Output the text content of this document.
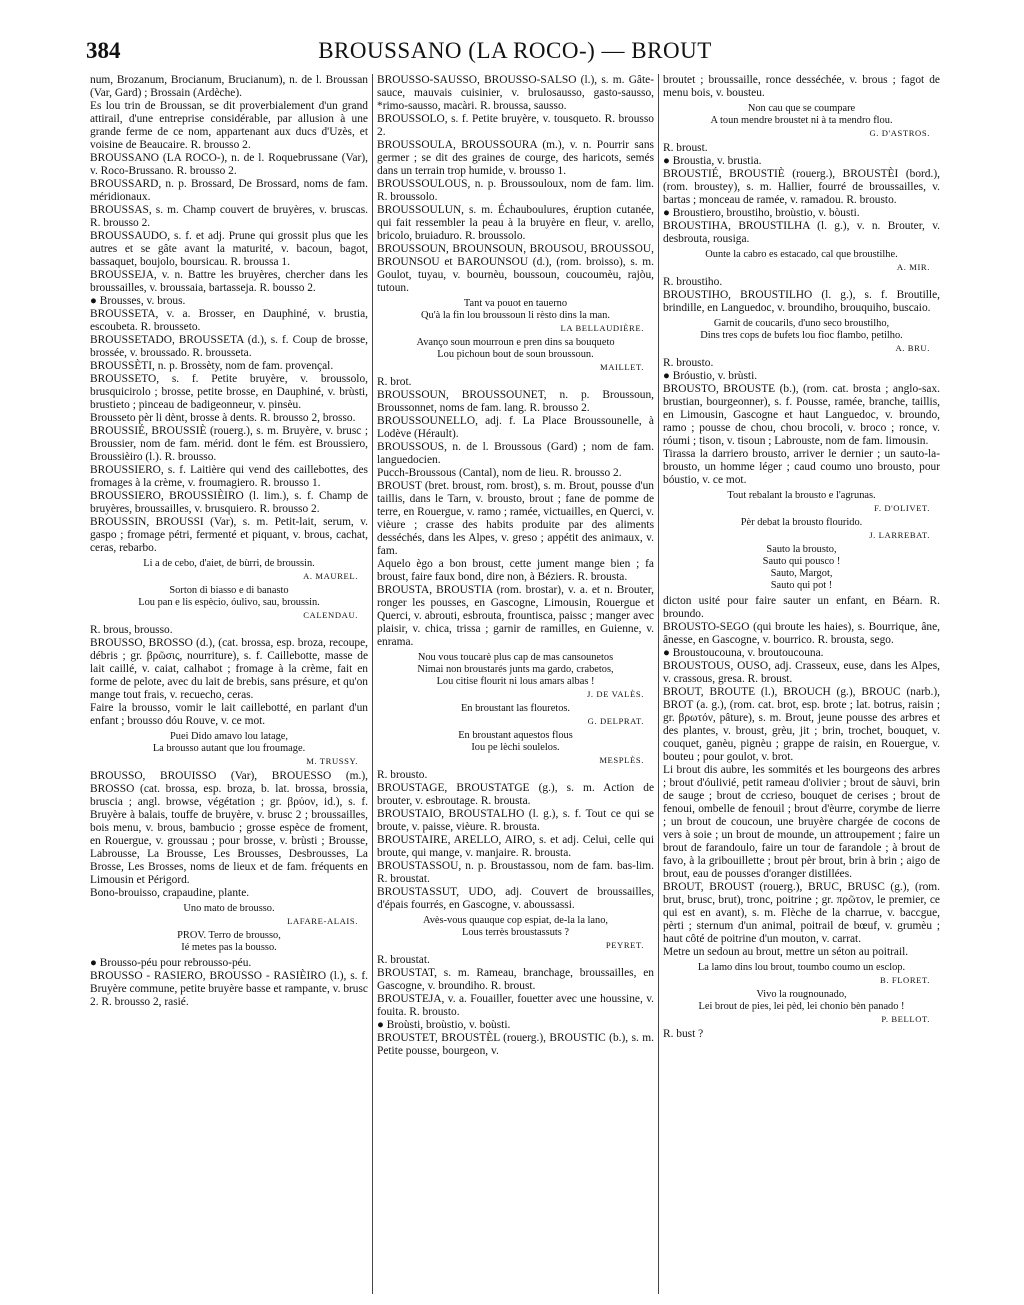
384	BROUSSANO (LA ROCO-) — BROUT

num, Brozanum, Brocianum, Brucianum), n. de l. Broussan (Var, Gard) ; Brossain (Ardèche).

Es lou trin de Broussan, se dit proverbialement d'un grand attirail, d'une entreprise considérable, par allusion à une grande ferme de ce nom, appartenant aux ducs d'Uzès, et voisine de Beaucaire. R. brousso 2.

BROUSSANO (LA ROCO-), n. de l. Roquebrussane (Var), v. Roco-Brussano. R. brousso 2.

BROUSSARD, n. p. Brossard, De Brossard, noms de fam. méridionaux.

BROUSSAS, s. m. Champ couvert de bruyères, v. bruscas. R. brousso 2.

BROUSSAUDO, s. f. et adj. Prune qui grossit plus que les autres et se gâte avant la maturité, v. bacoun, bagot, bassaquet, boujolo, boursicau. R. broussa 1.

BROUSSEJA, v. n. Battre les bruyères, chercher dans les broussailles, v. broussaia, bartasseja. R. bousso 2.

● Brousses, v. brous.

BROUSSETA, v. a. Brosser, en Dauphiné, v. brustia, escoubeta. R. broussetо.

BROUSSETADO, BROUSSETA (d.), s. f. Coup de brosse, brossée, v. broussado. R. brousseta.

BROUSSÈTI, n. p. Brossèty, nom de fam. provençal.

BROUSSETO, s. f. Petite bruyère, v. broussolo, brusquicirolo ; brosse, petite brosse, en Dauphiné, v. brùsti, brustieto ; pinceau de badigeonneur, v. pinsèu.

Broussetо pèr li dènt, brosse à dents. R. brousso 2, brosso.

BROUSSIÉ, BROUSSIÈ (rouerg.), s. m. Bruyère, v. brusc ; Broussier, nom de fam. mérid. dont le fém. est Broussiero, Broussièiro (l.). R. brousso.

BROUSSIERO, s. f. Laitière qui vend des caillebottes, des fromages à la crème, v. froumagiero. R. brousso 1.

BROUSSIERO, BROUSSIÈIRO (l. lim.), s. f. Champ de bruyères, broussailles, v. brusquiero. R. brousso 2.

BROUSSIN, BROUSSI (Var), s. m. Petit-lait, serum, v. gaspo ; fromage pétri, fermenté et piquant, v. brous, cachat, ceras, rebarbo.

Li a de cebo, d'aiet, de bùrri, de broussin.
A. MAUREL.
Sorton di biasso e di banasto
Lou pan e lis espècio, óulivo, sau, broussin.
CALENDAU.

R. brous, brousso.

BROUSSO, BROSSO (d.), (cat. brossa, esp. broza, recoupe, débris ; gr. βρῶσις, nourriture), s. f. Caillebotte, masse de lait caillé, v. caiat, calhabot ; fromage à la crème, fait en forme de pelote, avec du lait de brebis, sans présure, et qu'on mange tout frais, v. recuecho, ceras.

Faire la brousso, vomir le lait caillebotté, en parlant d'un enfant ; brousso dóu Rouve, v. ce mot.

Puei Dido amavo lou latage,
La brousso autant que lou froumage.
M. TRUSSY.

BROUSSO, BROUISSO (Var), BROUESSO (m.), BROSSO (cat. brossa, esp. broza, b. lat. brossa, brossia, bruscia ; angl. browse, végétation ; gr. βρύον, id.), s. f. Bruyère à balais, touffe de bruyère, v. brusc 2 ; broussailles, bois menu, v. brous, bambucio ; grosse espèce de froment, en Rouergue, v. groussau ; pour brosse, v. brùsti ; Brousse, Labrousse, La Brousse, Les Brousses, Desbrousses, La Brosse, Les Brosses, noms de lieux et de fam. fréquents en Limousin et Périgord.

Bono-brouisso, crapaudine, plante.

Uno mato de brousso.
LAFARE-ALAIS.
PROV. Terro de brousso,
Ié metes pas la bousso.

● Brousso-péu pour rebrousso-péu.

BROUSSO - RASIERO, BROUSSO - RASIÈIRO (l.), s. f. Bruyère commune, petite bruyère basse et rampante, v. brusc 2. R. brousso 2, rasié.

BROUSSO-SAUSSO, BROUSSO-SALSO (l.), s. m. Gâte-sauce, mauvais cuisinier, v. brulosausso, gasto-sausso, *rimo-sausso, macàri. R. broussa, sausso.

BROUSSOLO, s. f. Petite bruyère, v. tousqueto. R. brousso 2.

BROUSSOULA, BROUSSOURA (m.), v. n. Pourrir sans germer ; se dit des graines de courge, des haricots, semés dans un terrain trop humide, v. brousso 1.

BROUSSOULOUS, n. p. Broussouloux, nom de fam. lim. R. broussolo.

BROUSSOULUN, s. m. Échauboulures, éruption cutanée, qui fait ressembler la peau à la bruyère en fleur, v. arello, bricolo, bruiaduro. R. broussolo.

BROUSSOUN, BROUNSOUN, BROUSOU, BROUSSOU, BROUNSOU et BAROUNSOU (d.), (rom. broisso), s. m. Goulot, tuyau, v. bournèu, boussoun, coucoumèu, rajòu, tutoun.

Tant va pouot en tauerno
Qu'à la fin lou broussoun li rèsto dins la man.
LA BELLAUDIÈRE.
Avanço soun mourroun e pren dins sa bouqueto
Lou pichoun bout de soun broussoun.
MAILLET.

R. brot.

BROUSSOUN, BROUSSOUNET, n. p. Broussoun, Broussonnet, noms de fam. lang. R. brousso 2.

BROUSSOUNELLO, adj. f. La Place Broussounelle, à Lodève (Hérault).

BROUSSOUS, n. de l. Broussous (Gard) ; nom de fam. languedocien.

Pucch-Broussous (Cantal), nom de lieu. R. brousso 2.

BROUST (bret. broust, rom. brost), s. m. Brout, pousse d'un taillis, dans le Tarn, v. brousto, brout ; fane de pomme de terre, en Rouergue, v. ramo ; ramée, victuailles, en Querci, v. vièure ; crasse des habits produite par des aliments desséchés, dans les Alpes, v. greso ; appétit des animaux, v. fam.

Aquelo ègo a bon broust, cette jument mange bien ; fa broust, faire faux bond, dire non, à Béziers. R. brousta.

BROUSTA, BROUSTIA (rom. brostar), v. a. et n. Brouter, ronger les pousses, en Gascogne, Limousin, Rouergue et Querci, v. abrouti, esbrouta, frountisca, paissc ; manger avec plaisir, v. chica, trissa ; garnir de ramilles, en Guienne, v. enrama.

Nou vous toucarè plus cap de mas cansounetos
Nimai non broustarés junts ma gardo, crabetos,
Lou citise flourit ni lous amars albas !
J. DE VALÈS.
En broustant las flouretos.
G. DELPRAT.
En broustant aquestos flous
Iou pe lèchi soulelos.
MESPLÈS.

R. brousto.

BROUSTAGE, BROUSTATGE (g.), s. m. Action de brouter, v. esbroutage. R. brousta.

BROUSTAIO, BROUSTALHO (l. g.), s. f. Tout ce qui se broute, v. paisse, vièure. R. brousta.

BROUSTAIRE, ARELLO, AIRO, s. et adj. Celui, celle qui broute, qui mange, v. manjaire. R. brousta.

BROUSTASSOU, n. p. Broustassou, nom de fam. bas-lim. R. broustat.

BROUSTASSUT, UDO, adj. Couvert de broussailles, d'épais fourrés, en Gascogne, v. aboussassi.

Avès-vous quauque cop espiat, de-la la lano,
Lous terrès broustassuts ?
PEYRET.

R. broustat.

BROUSTAT, s. m. Rameau, branchage, broussailles, en Gascogne, v. broundiho. R. broust.

BROUSTEJA, v. a. Fouailler, fouetter avec une houssine, v. fouita. R. brousto.

● Broùsti, broùstio, v. boùsti.

BROUSTET, BROUSTÈL (rouerg.), BROUSTIC (b.), s. m. Petite pousse, bourgeon, v.

broutet ; broussaille, ronce desséchée, v. brous ; fagot de menu bois, v. bousteu.

Non cau que se coumpare
A toun mendre broustet ni à ta mendro flou.
G. D'ASTROS.

R. broust.

● Broustia, v. brustia.

BROUSTIÉ, BROUSTIÈ (rouerg.), BROUSTÈI (bord.), (rom. broustey), s. m. Hallier, fourré de broussailles, v. bartas ; monceau de ramée, v. ramadou. R. brousto.

● Broustiero, broustiho, broùstio, v. bòusti.

BROUSTIHA, BROUSTILHA (l. g.), v. n. Brouter, v. desbrouta, rousiga.

Ounte la cabro es estacado, cal que broustilhe.
A. MIR.

R. broustiho.

BROUSTIHO, BROUSTILHO (l. g.), s. f. Broutille, brindille, en Languedoc, v. broundiho, brouquiho, buscaio.

Garnit de coucarils, d'uno seco broustilho,
Dins tres cops de bufets lou fioc flambo, petilho.
A. BRU.

R. brousto.

● Bróustio, v. brùsti.

BROUSTO, BROUSTE (b.), (rom. cat. brosta ; anglo-sax. brustian, bourgeonner), s. f. Pousse, ramée, branche, taillis, en Limousin, Gascogne et haut Languedoc, v. broundo, ramo ; pousse de chou, chou brocoli, v. broco ; ronce, v. róumi ; tison, v. tisoun ; Labrouste, nom de fam. limousin.

Tirassa la darriero brousto, arriver le dernier ; un sauto-la-brousto, un homme léger ; caud coumo uno brousto, pour bóustio, v. ce mot.

Tout rebalant la brousto e l'agrunas.
F. D'OLIVET.
Pèr debat la brousto flourido.
J. LARREBAT.
Sauto la brousto,
Sauto qui pousco !
Sauto, Margot,
Sauto qui pot !

dicton usité pour faire sauter un enfant, en Béarn. R. broundo.

BROUSTO-SEGO (qui broute les haies), s. Bourrique, âne, ânesse, en Gascogne, v. bourrico. R. brousta, sego.

● Broustoucouna, v. broutoucouna.

BROUSTOUS, OUSO, adj. Crasseux, euse, dans les Alpes, v. crassous, gresa. R. broust.

BROUT, BROUTE (l.), BROUCH (g.), BROUC (narb.), BROT (a. g.), (rom. cat. brot, esp. brote ; lat. botrus, raisin ; gr. βρωτόν, pâture), s. m. Brout, jeune pousse des arbres et des plantes, v. broust, grèu, jit ; brin, trochet, bouquet, v. couquet, ganèu, pignèu ; grappe de raisin, en Rouergue, v. bouteu ; pour goulot, v. brot.

Li brout dis aubre, les sommités et les bourgeons des arbres ; brout d'óulivié, petit rameau d'olivier ; brout de sàuvi, brin de sauge ; brout de ccrieso, bouquet de cerises ; brout de fenoui, ombelle de fenouil ; brout d'èurre, corymbe de lierre ; un brout de coucoun, une bruyère chargée de cocons de vers à soie ; un brout de mounde, un attroupement ; faire un brout de farandoulo, faire un tour de farandole ; à brout de favo, à la gribouillette ; brout pèr brout, brin à brin ; aigo de brout, eau de pousses d'oranger distillées.

BROUT, BROUST (rouerg.), BRUC, BRUSC (g.), (rom. brut, brusc, brut), tronc, poitrine ; gr. πρῶτον, le premier, ce qui est en avant), s. m. Flèche de la charrue, v. baccgue, pèrti ; sternum d'un animal, poitrail de bœuf, v. grumèu ; haut côté de poitrine d'un mouton, v. carrat.

Metre un sedoun au brout, mettre un séton au poitrail.

La lamo dins lou brout, toumbo coumo un esclop.
B. FLORET.
Vivo la rougnounado,
Lei brout de pies, lei pèd, lei chonio bèn panado !
P. BELLOT.

R. bust ?
